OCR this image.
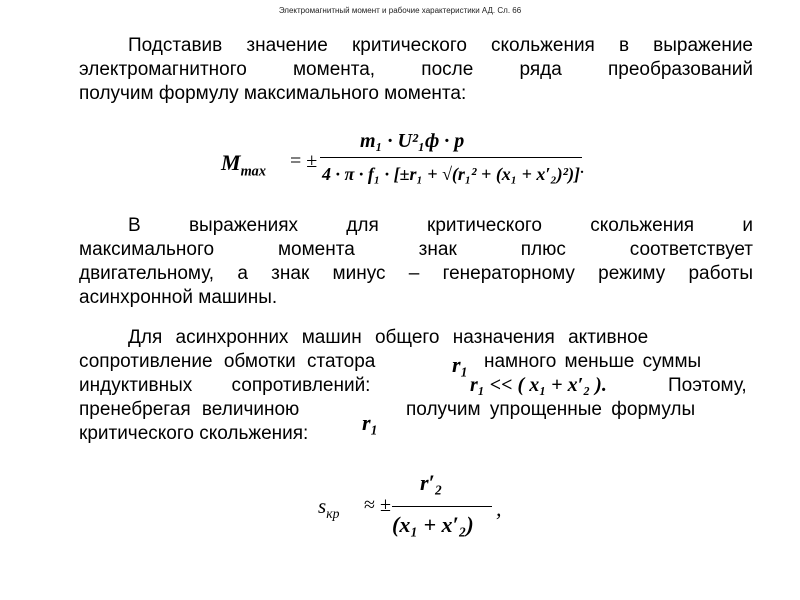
Электромагнитный момент и рабочие характеристики АД. Сл. 66
Подставив значение критического скольжения в выражение
электромагнитного момента, после ряда преобразований
получим формулу максимального момента:
$M_{max}$ = ±
m₁ · U²₁ф · p
4 · π · f₁ · [±r₁ + √(r₁² + (x₁ + x′₂)²)] .
В выражениях для критического скольжения и
максимального момента знак плюс соответствует
двигательному, а знак минус – генераторному режиму работы
асинхронной машины.
Для асинхронних машин общего назначения активное
сопротивление обмотки статора	r₁ намного меньше суммы
индуктивных сопротивлений:	r₁ << ( x₁ + x′₂ ).	Поэтому,
пренебрегая величиною
r₁
получим упрощенные формулы
критического скольжения:
$s_{кр}$ ≈ ±
r′₂
(x₁ + x′₂)
,
